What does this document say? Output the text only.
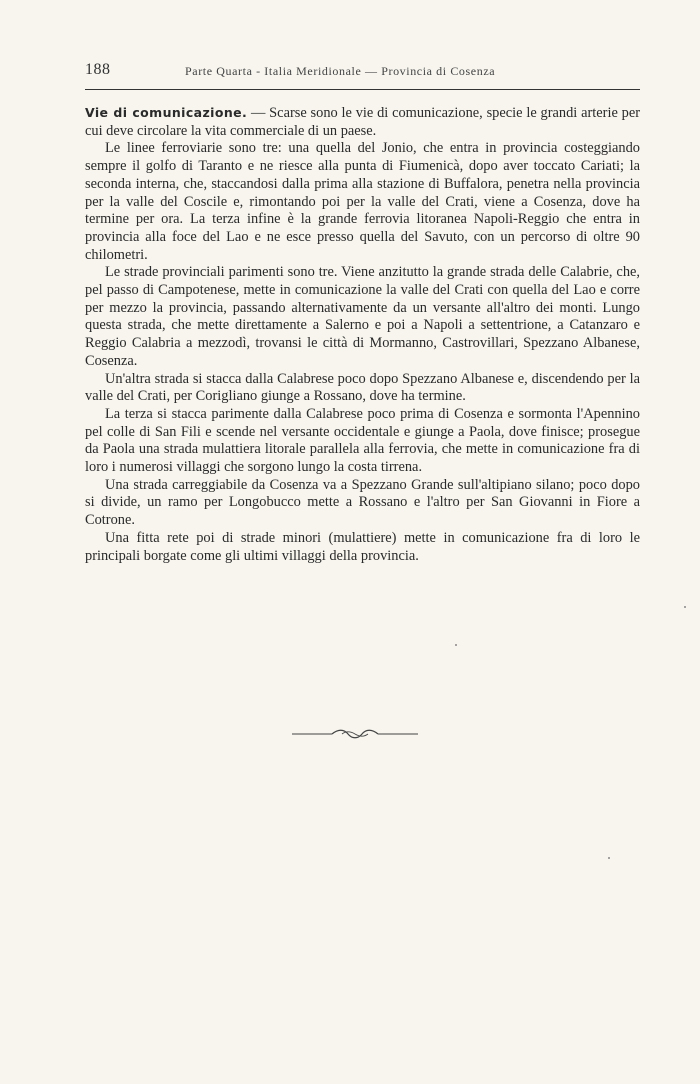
188	Parte Quarta - Italia Meridionale — Provincia di Cosenza

Vie di comunicazione. — Scarse sono le vie di comunicazione, specie le grandi arterie per cui deve circolare la vita commerciale di un paese.

Le linee ferroviarie sono tre: una quella del Jonio, che entra in provincia costeggiando sempre il golfo di Taranto e ne riesce alla punta di Fiumenicà, dopo aver toccato Cariati; la seconda interna, che, staccandosi dalla prima alla stazione di Buffalora, penetra nella provincia per la valle del Coscile e, rimontando poi per la valle del Crati, viene a Cosenza, dove ha termine per ora. La terza infine è la grande ferrovia litoranea Napoli-Reggio che entra in provincia alla foce del Lao e ne esce presso quella del Savuto, con un percorso di oltre 90 chilometri.

Le strade provinciali parimenti sono tre. Viene anzitutto la grande strada delle Calabrie, che, pel passo di Campotenese, mette in comunicazione la valle del Crati con quella del Lao e corre per mezzo la provincia, passando alternativamente da un versante all'altro dei monti. Lungo questa strada, che mette direttamente a Salerno e poi a Napoli a settentrione, a Catanzaro e Reggio Calabria a mezzodì, trovansi le città di Mormanno, Castrovillari, Spezzano Albanese, Cosenza.

Un'altra strada si stacca dalla Calabrese poco dopo Spezzano Albanese e, discendendo per la valle del Crati, per Corigliano giunge a Rossano, dove ha termine.

La terza si stacca parimente dalla Calabrese poco prima di Cosenza e sormonta l'Apennino pel colle di San Fili e scende nel versante occidentale e giunge a Paola, dove finisce; prosegue da Paola una strada mulattiera litorale parallela alla ferrovia, che mette in comunicazione fra di loro i numerosi villaggi che sorgono lungo la costa tirrena.

Una strada carreggiabile da Cosenza va a Spezzano Grande sull'altipiano silano; poco dopo si divide, un ramo per Longobucco mette a Rossano e l'altro per San Giovanni in Fiore a Cotrone.

Una fitta rete poi di strade minori (mulattiere) mette in comunicazione fra di loro le principali borgate come gli ultimi villaggi della provincia.
